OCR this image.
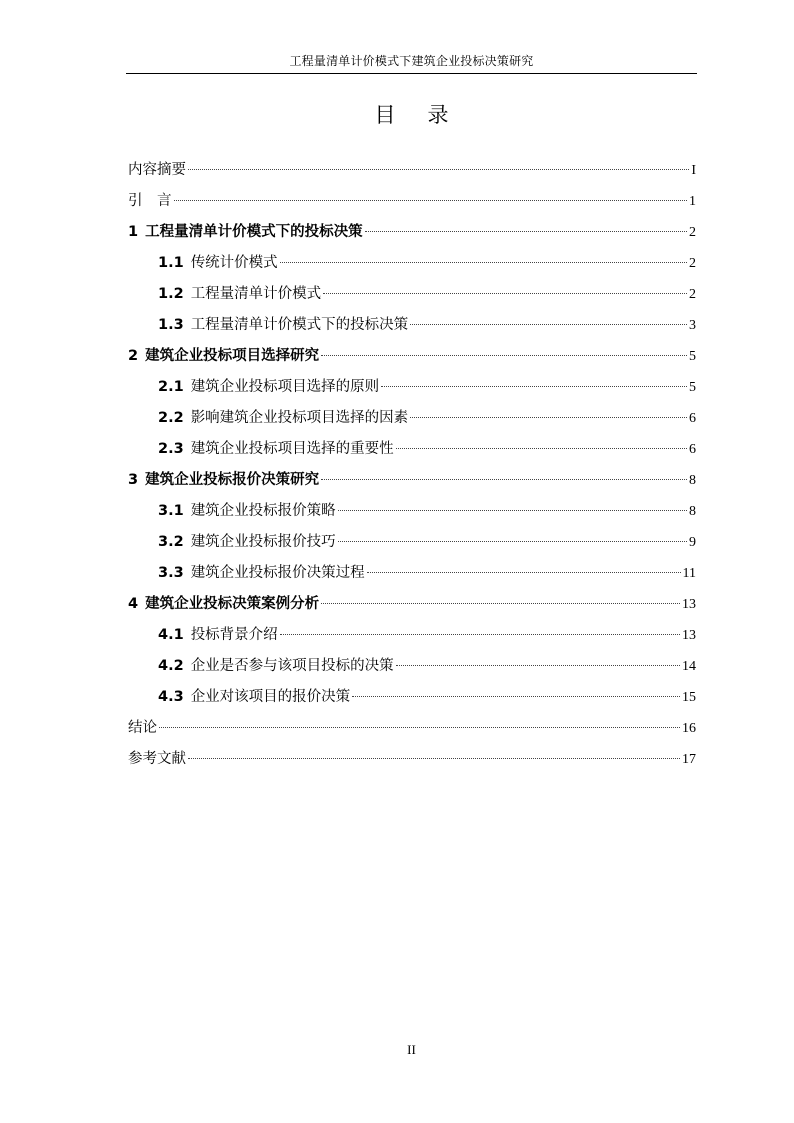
工程量清单计价模式下建筑企业投标决策研究
目 录
内容摘要	I
引　言	1
1 工程量清单计价模式下的投标决策	2
1.1 传统计价模式	2
1.2 工程量清单计价模式	2
1.3 工程量清单计价模式下的投标决策	3
2 建筑企业投标项目选择研究	5
2.1 建筑企业投标项目选择的原则	5
2.2 影响建筑企业投标项目选择的因素	6
2.3 建筑企业投标项目选择的重要性	6
3 建筑企业投标报价决策研究	8
3.1 建筑企业投标报价策略	8
3.2 建筑企业投标报价技巧	9
3.3 建筑企业投标报价决策过程	11
4 建筑企业投标决策案例分析	13
4.1 投标背景介绍	13
4.2 企业是否参与该项目投标的决策	14
4.3 企业对该项目的报价决策	15
结论	16
参考文献	17
II
